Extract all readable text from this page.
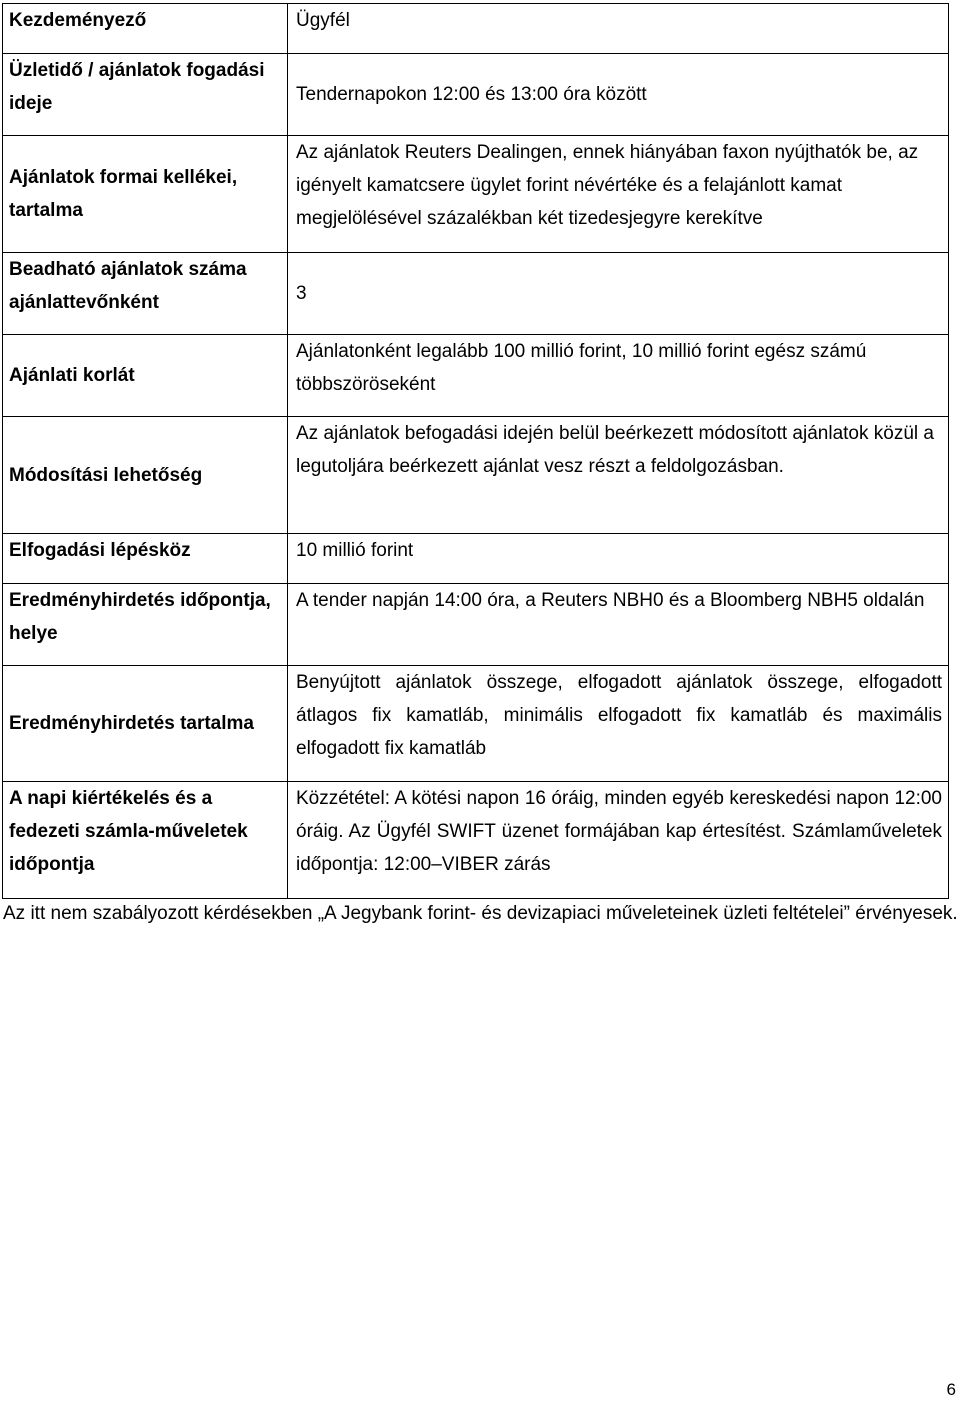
Kezdeményező	Ügyfél
Üzletidő / ajánlatok fogadási ideje	Tendernapokon 12:00 és 13:00 óra között
Ajánlatok formai kellékei, tartalma	Az ajánlatok Reuters Dealingen, ennek hiányában faxon nyújthatók be, az igényelt kamatcsere ügylet forint névértéke és a felajánlott kamat megjelölésével százalékban két tizedesjegyre kerekítve
Beadható ajánlatok száma ajánlattevőnként	3
Ajánlati korlát	Ajánlatonként legalább 100 millió forint, 10 millió forint egész számú többszöröseként
Módosítási lehetőség	Az ajánlatok befogadási idején belül beérkezett módosított ajánlatok közül a legutoljára beérkezett ajánlat vesz részt a feldolgozásban.
Elfogadási lépésköz	10 millió forint
Eredményhirdetés időpontja, helye	A tender napján 14:00 óra, a Reuters NBH0 és a Bloomberg NBH5 oldalán
Eredményhirdetés tartalma	Benyújtott ajánlatok összege, elfogadott ajánlatok összege, elfogadott átlagos fix kamatláb, minimális elfogadott fix kamatláb és maximális elfogadott fix kamatláb
A napi kiértékelés és a fedezeti számla-műveletek időpontja	Közzététel: A kötési napon 16 óráig, minden egyéb kereskedési napon 12:00 óráig. Az Ügyfél SWIFT üzenet formájában kap értesítést. Számlaműveletek időpontja: 12:00–VIBER zárás
Az itt nem szabályozott kérdésekben „A Jegybank forint- és devizapiaci műveleteinek üzleti feltételei” érvényesek.
6
